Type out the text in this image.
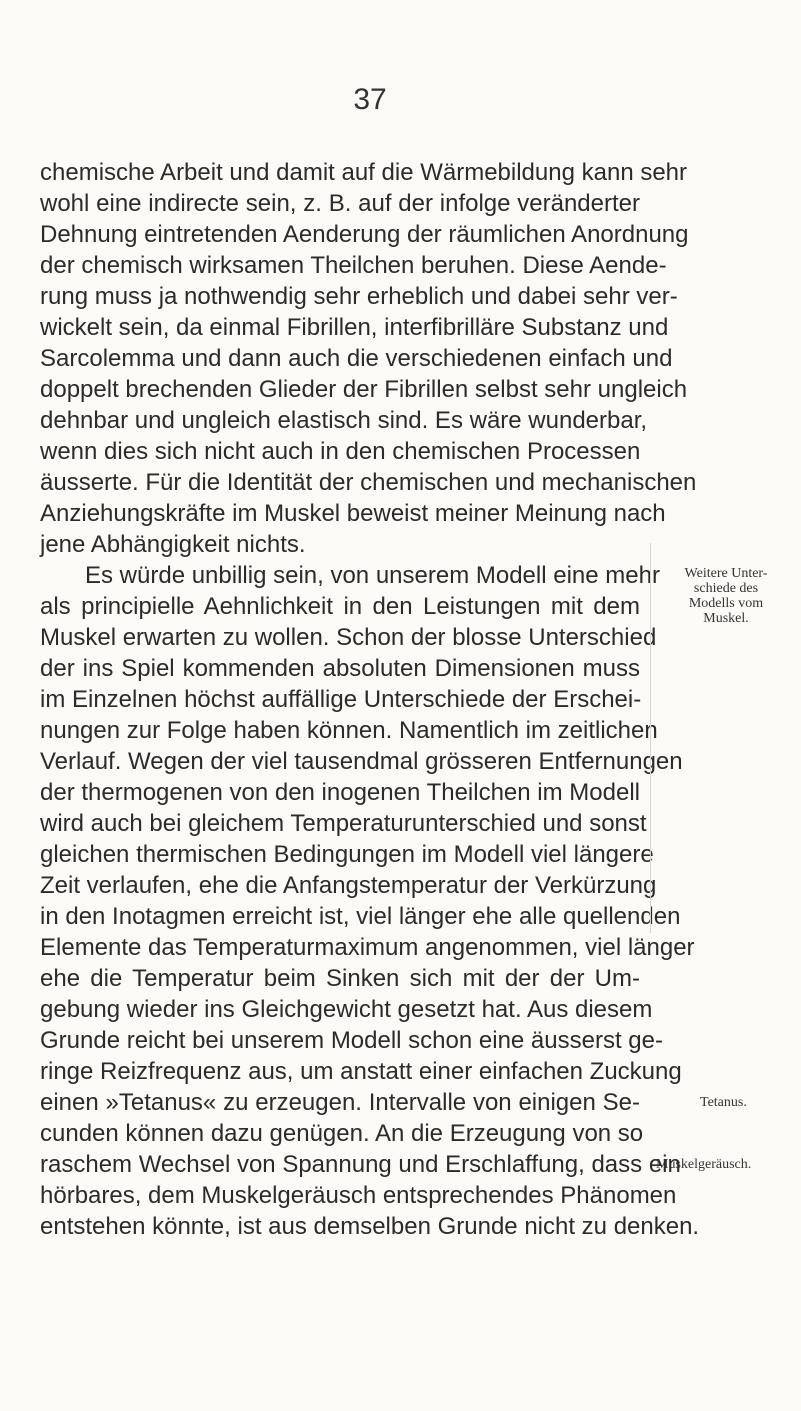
37
chemische Arbeit und damit auf die Wärmebildung kann sehr
wohl eine indirecte sein, z. B. auf der infolge veränderter
Dehnung eintretenden Aenderung der räumlichen Anordnung
der chemisch wirksamen Theilchen beruhen. Diese Aende-
rung muss ja nothwendig sehr erheblich und dabei sehr ver-
wickelt sein, da einmal Fibrillen, interfibrilläre Substanz und
Sarcolemma und dann auch die verschiedenen einfach und
doppelt brechenden Glieder der Fibrillen selbst sehr ungleich
dehnbar und ungleich elastisch sind. Es wäre wunderbar,
wenn dies sich nicht auch in den chemischen Processen
äusserte. Für die Identität der chemischen und mechanischen
Anziehungskräfte im Muskel beweist meiner Meinung nach
jene Abhängigkeit nichts.
Es würde unbillig sein, von unserem Modell eine mehr
als principielle Aehnlichkeit in den Leistungen mit dem
Muskel erwarten zu wollen. Schon der blosse Unterschied
der ins Spiel kommenden absoluten Dimensionen muss
im Einzelnen höchst auffällige Unterschiede der Erschei-
nungen zur Folge haben können. Namentlich im zeitlichen
Verlauf. Wegen der viel tausendmal grösseren Entfernungen
der thermogenen von den inogenen Theilchen im Modell
wird auch bei gleichem Temperaturunterschied und sonst
gleichen thermischen Bedingungen im Modell viel längere
Zeit verlaufen, ehe die Anfangstemperatur der Verkürzung
in den Inotagmen erreicht ist, viel länger ehe alle quellenden
Elemente das Temperaturmaximum angenommen, viel länger
ehe die Temperatur beim Sinken sich mit der der Um-
gebung wieder ins Gleichgewicht gesetzt hat. Aus diesem
Grunde reicht bei unserem Modell schon eine äusserst ge-
ringe Reizfrequenz aus, um anstatt einer einfachen Zuckung
einen »Tetanus« zu erzeugen. Intervalle von einigen Se-
cunden können dazu genügen. An die Erzeugung von so
raschem Wechsel von Spannung und Erschlaffung, dass ein
hörbares, dem Muskelgeräusch entsprechendes Phänomen
entstehen könnte, ist aus demselben Grunde nicht zu denken.
Weitere Unter-
schiede des
Modells vom
Muskel.
Tetanus.
Muskelgeräusch.
